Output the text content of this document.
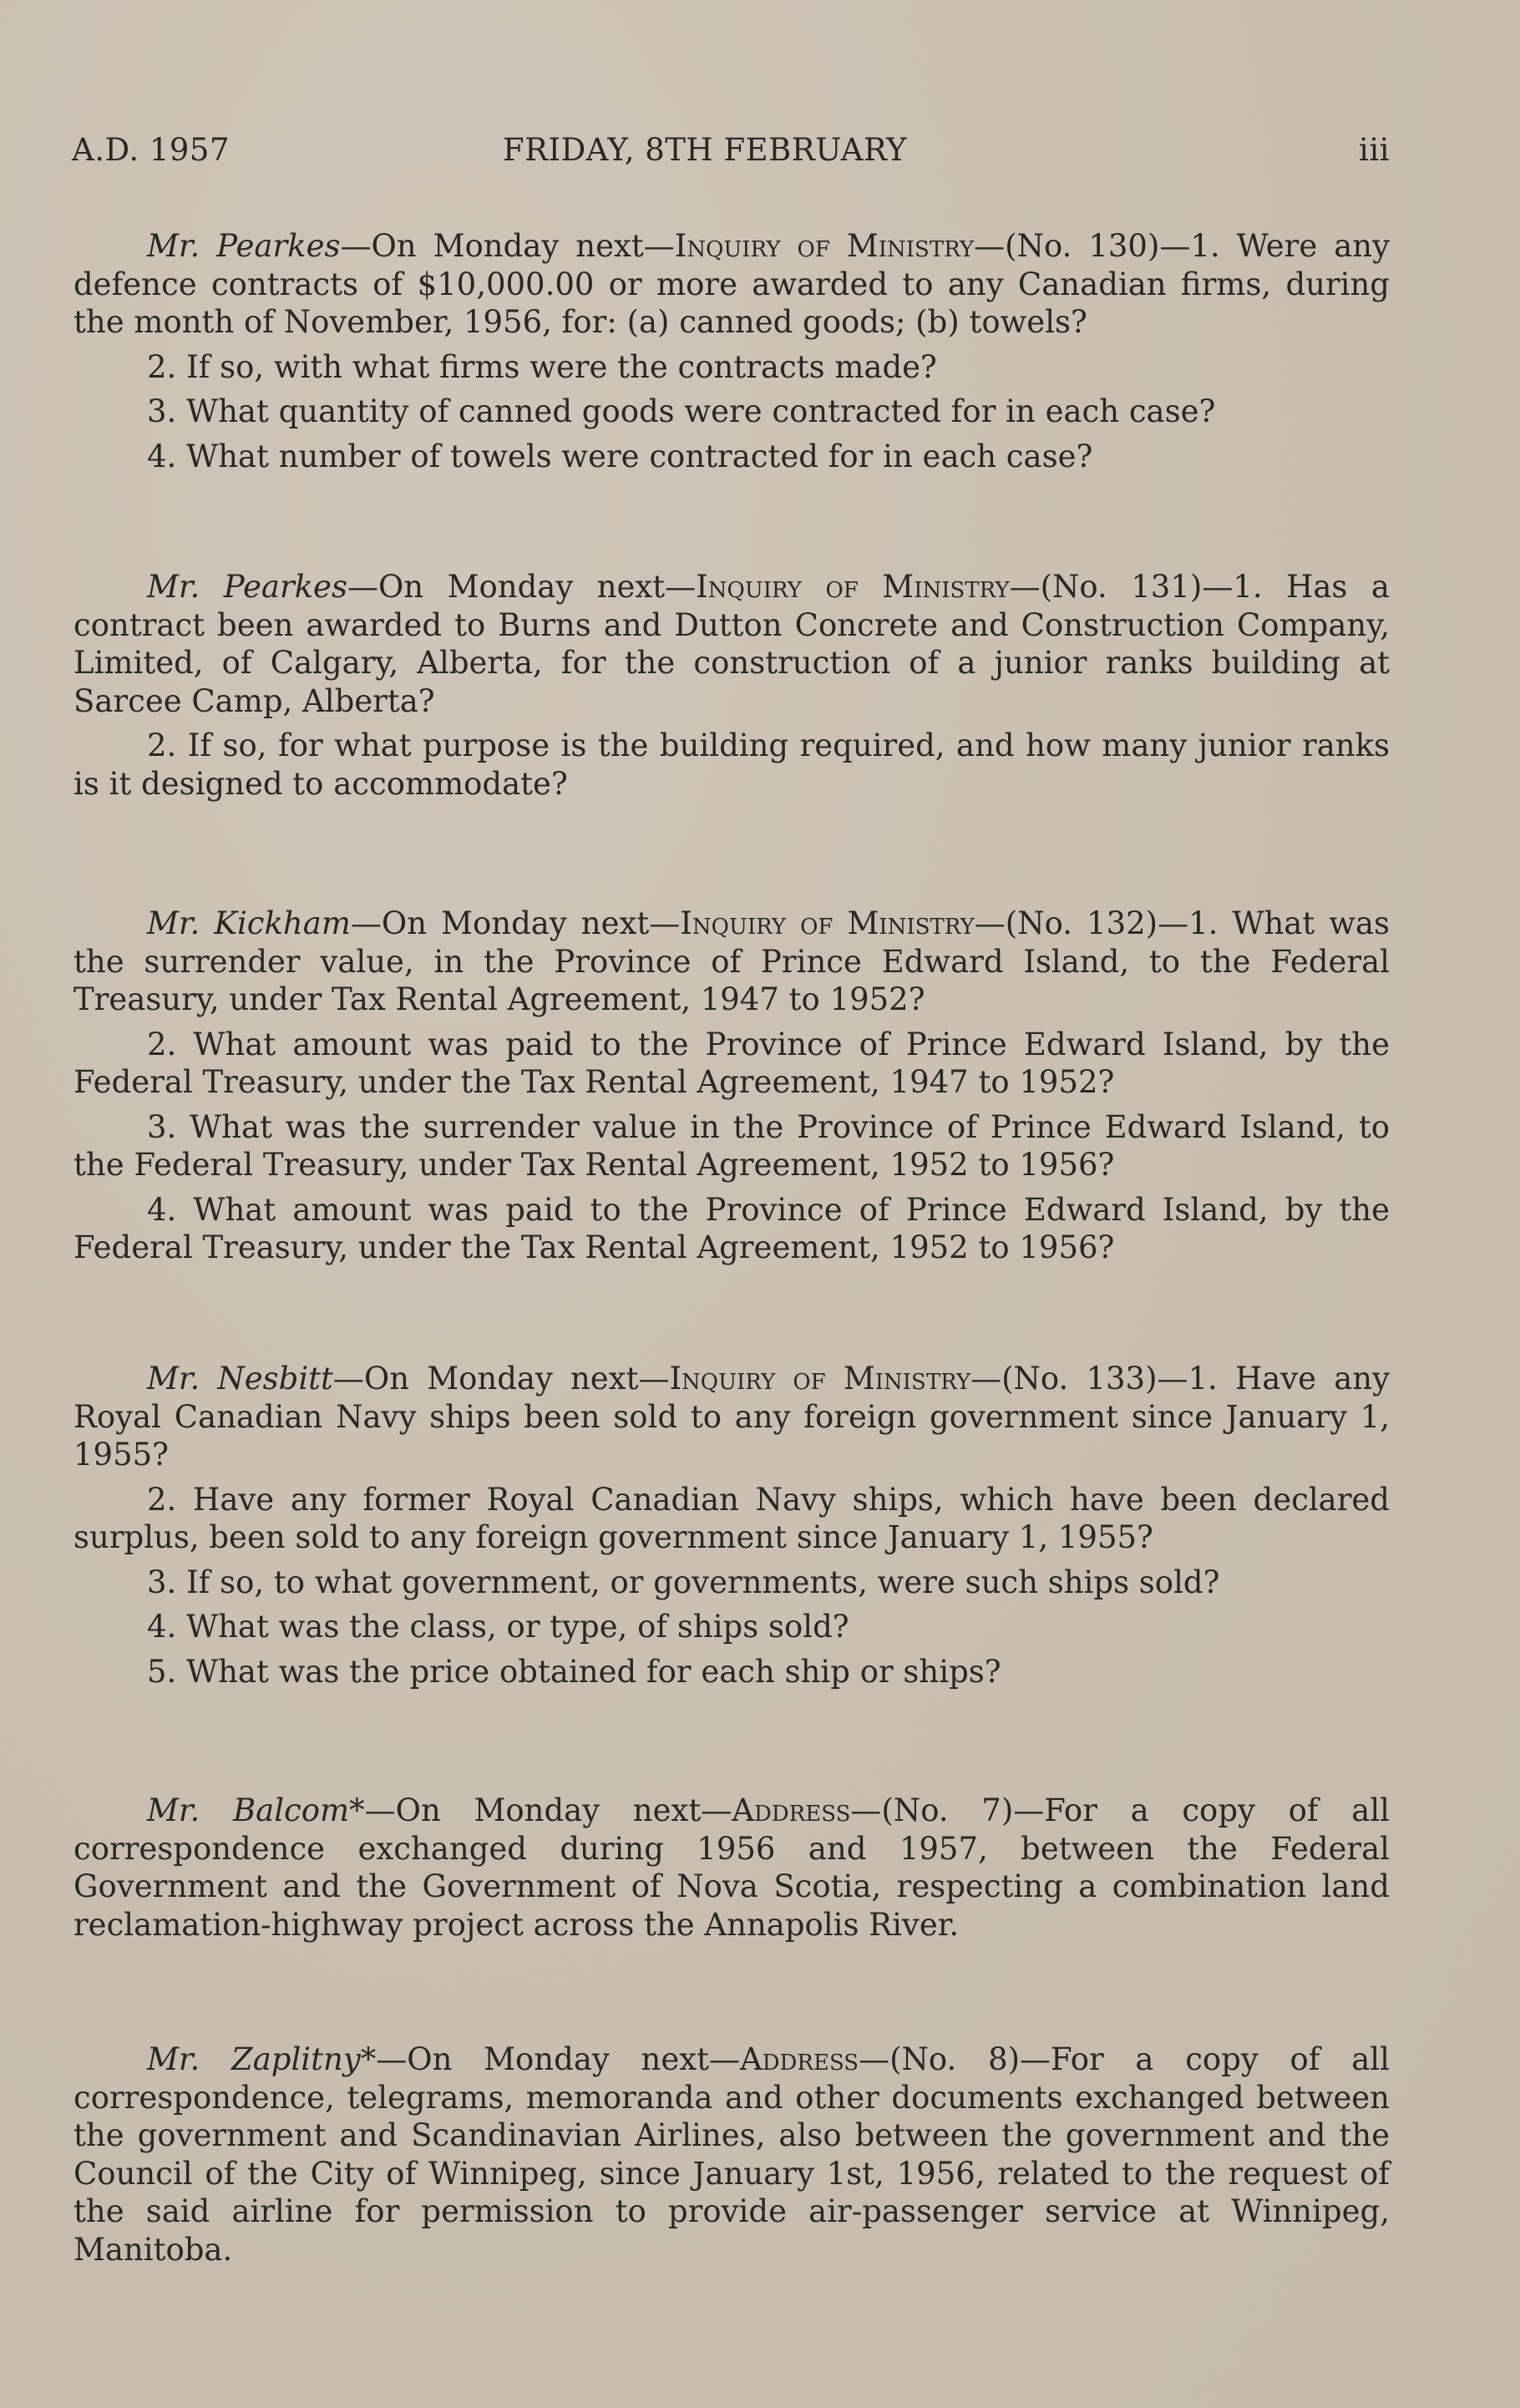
A.D. 1957	FRIDAY, 8TH FEBRUARY	iii

Mr. Pearkes—On Monday next—Inquiry of Ministry—(No. 130)—1. Were any defence contracts of $10,000.00 or more awarded to any Canadian firms, during the month of November, 1956, for: (a) canned goods; (b) towels?

2. If so, with what firms were the contracts made?

3. What quantity of canned goods were contracted for in each case?

4. What number of towels were contracted for in each case?

Mr. Pearkes—On Monday next—Inquiry of Ministry—(No. 131)—1. Has a contract been awarded to Burns and Dutton Concrete and Construction Company, Limited, of Calgary, Alberta, for the construction of a junior ranks building at Sarcee Camp, Alberta?

2. If so, for what purpose is the building required, and how many junior ranks is it designed to accommodate?

Mr. Kickham—On Monday next—Inquiry of Ministry—(No. 132)—1. What was the surrender value, in the Province of Prince Edward Island, to the Federal Treasury, under Tax Rental Agreement, 1947 to 1952?

2. What amount was paid to the Province of Prince Edward Island, by the Federal Treasury, under the Tax Rental Agreement, 1947 to 1952?

3. What was the surrender value in the Province of Prince Edward Island, to the Federal Treasury, under Tax Rental Agreement, 1952 to 1956?

4. What amount was paid to the Province of Prince Edward Island, by the Federal Treasury, under the Tax Rental Agreement, 1952 to 1956?

Mr. Nesbitt—On Monday next—Inquiry of Ministry—(No. 133)—1. Have any Royal Canadian Navy ships been sold to any foreign government since January 1, 1955?

2. Have any former Royal Canadian Navy ships, which have been declared surplus, been sold to any foreign government since January 1, 1955?

3. If so, to what government, or governments, were such ships sold?

4. What was the class, or type, of ships sold?

5. What was the price obtained for each ship or ships?

Mr. Balcom*—On Monday next—Address—(No. 7)—For a copy of all correspondence exchanged during 1956 and 1957, between the Federal Government and the Government of Nova Scotia, respecting a combination land reclamation-highway project across the Annapolis River.

Mr. Zaplitny*—On Monday next—Address—(No. 8)—For a copy of all correspondence, telegrams, memoranda and other documents exchanged between the government and Scandinavian Airlines, also between the government and the Council of the City of Winnipeg, since January 1st, 1956, related to the request of the said airline for permission to provide air-passenger service at Winnipeg, Manitoba.
